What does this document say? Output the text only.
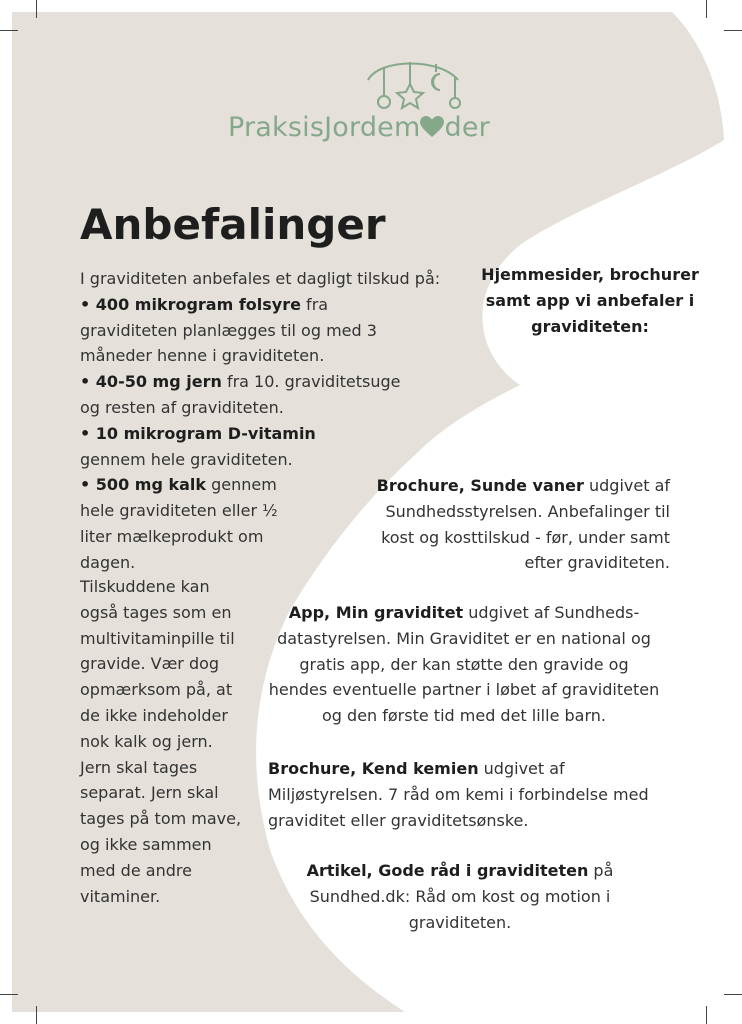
PraksisJordem der
Anbefalinger

I graviditeten anbefales et dagligt tilskud på:

• 400 mikrogram folsyre fra graviditeten planlægges til og med 3 måneder henne i graviditeten.

• 40-50 mg jern fra 10. graviditetsuge og resten af graviditeten.

• 10 mikrogram D-vitamin gennem hele graviditeten.

• 500 mg kalk gennem hele graviditeten eller ½ liter mælkeprodukt om dagen.

Tilskuddene kan også tages som en multivitaminpille til gravide. Vær dog opmærksom på, at de ikke indeholder nok kalk og jern. Jern skal tages separat. Jern skal tages på tom mave, og ikke sammen med de andre vitaminer.
Hjemmesider, brochurer samt app vi anbefaler i graviditeten:
Brochure, Sunde vaner udgivet af Sundhedsstyrelsen. Anbefalinger til kost og kosttilskud - før, under samt efter graviditeten.
App, Min graviditet udgivet af Sundheds-datastyrelsen. Min Graviditet er en national og gratis app, der kan støtte den gravide og hendes eventuelle partner i løbet af graviditeten og den første tid med det lille barn.
Brochure, Kend kemien udgivet af Miljøstyrelsen. 7 råd om kemi i forbindelse med graviditet eller graviditetsønske.
Artikel, Gode råd i graviditeten på Sundhed.dk: Råd om kost og motion i graviditeten.
